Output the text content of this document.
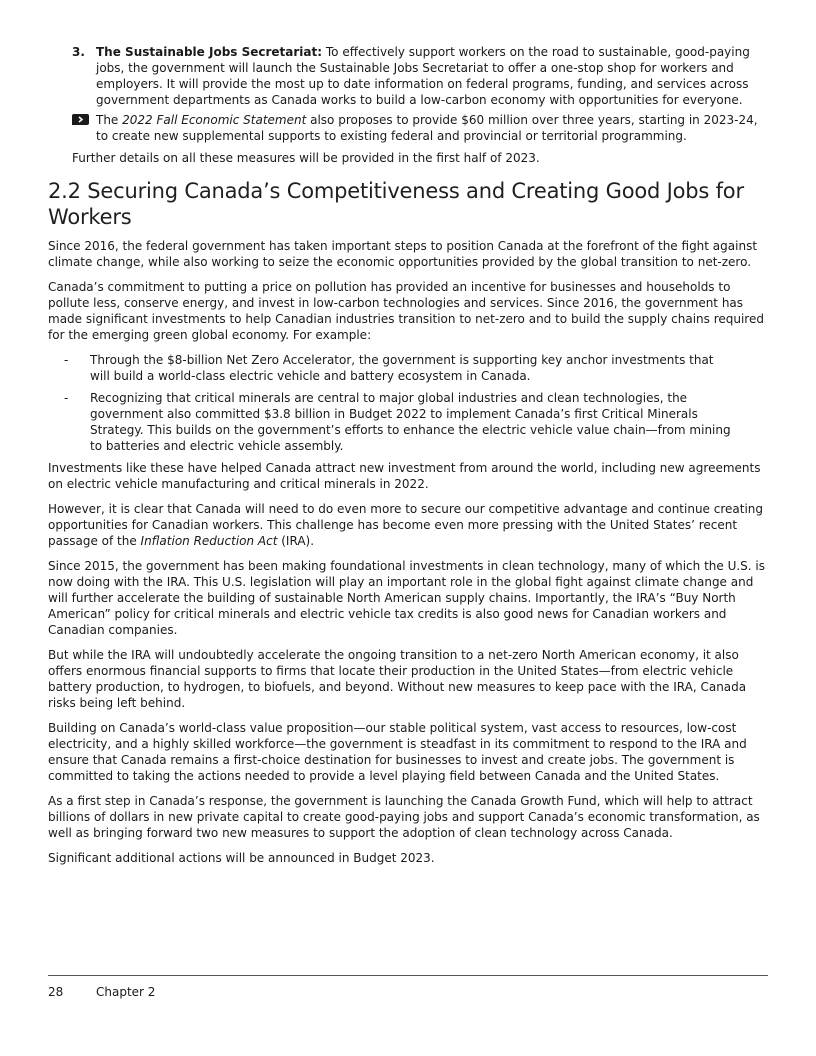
3. The Sustainable Jobs Secretariat: To effectively support workers on the road to sustainable, good-paying jobs, the government will launch the Sustainable Jobs Secretariat to offer a one-stop shop for workers and employers. It will provide the most up to date information on federal programs, funding, and services across government departments as Canada works to build a low-carbon economy with opportunities for everyone.
The 2022 Fall Economic Statement also proposes to provide $60 million over three years, starting in 2023-24, to create new supplemental supports to existing federal and provincial or territorial programming.

Further details on all these measures will be provided in the first half of 2023.

2.2 Securing Canada’s Competitiveness and Creating Good Jobs for Workers

Since 2016, the federal government has taken important steps to position Canada at the forefront of the fight against climate change, while also working to seize the economic opportunities provided by the global transition to net-zero.

Canada’s commitment to putting a price on pollution has provided an incentive for businesses and households to pollute less, conserve energy, and invest in low-carbon technologies and services. Since 2016, the government has made significant investments to help Canadian industries transition to net-zero and to build the supply chains required for the emerging green global economy. For example:

-	Through the $8-billion Net Zero Accelerator, the government is supporting key anchor investments that will build a world-class electric vehicle and battery ecosystem in Canada.
-	Recognizing that critical minerals are central to major global industries and clean technologies, the government also committed $3.8 billion in Budget 2022 to implement Canada’s first Critical Minerals Strategy. This builds on the government’s efforts to enhance the electric vehicle value chain—from mining to batteries and electric vehicle assembly.

Investments like these have helped Canada attract new investment from around the world, including new agreements on electric vehicle manufacturing and critical minerals in 2022.

However, it is clear that Canada will need to do even more to secure our competitive advantage and continue creating opportunities for Canadian workers. This challenge has become even more pressing with the United States’ recent passage of the Inflation Reduction Act (IRA).

Since 2015, the government has been making foundational investments in clean technology, many of which the U.S. is now doing with the IRA. This U.S. legislation will play an important role in the global fight against climate change and will further accelerate the building of sustainable North American supply chains. Importantly, the IRA’s “Buy North American” policy for critical minerals and electric vehicle tax credits is also good news for Canadian workers and Canadian companies.

But while the IRA will undoubtedly accelerate the ongoing transition to a net-zero North American economy, it also offers enormous financial supports to firms that locate their production in the United States—from electric vehicle battery production, to hydrogen, to biofuels, and beyond. Without new measures to keep pace with the IRA, Canada risks being left behind.

Building on Canada’s world-class value proposition—our stable political system, vast access to resources, low-cost electricity, and a highly skilled workforce—the government is steadfast in its commitment to respond to the IRA and ensure that Canada remains a first-choice destination for businesses to invest and create jobs. The government is committed to taking the actions needed to provide a level playing field between Canada and the United States.

As a first step in Canada’s response, the government is launching the Canada Growth Fund, which will help to attract billions of dollars in new private capital to create good-paying jobs and support Canada’s economic transformation, as well as bringing forward two new measures to support the adoption of clean technology across Canada.

Significant additional actions will be announced in Budget 2023.

28	Chapter 2
